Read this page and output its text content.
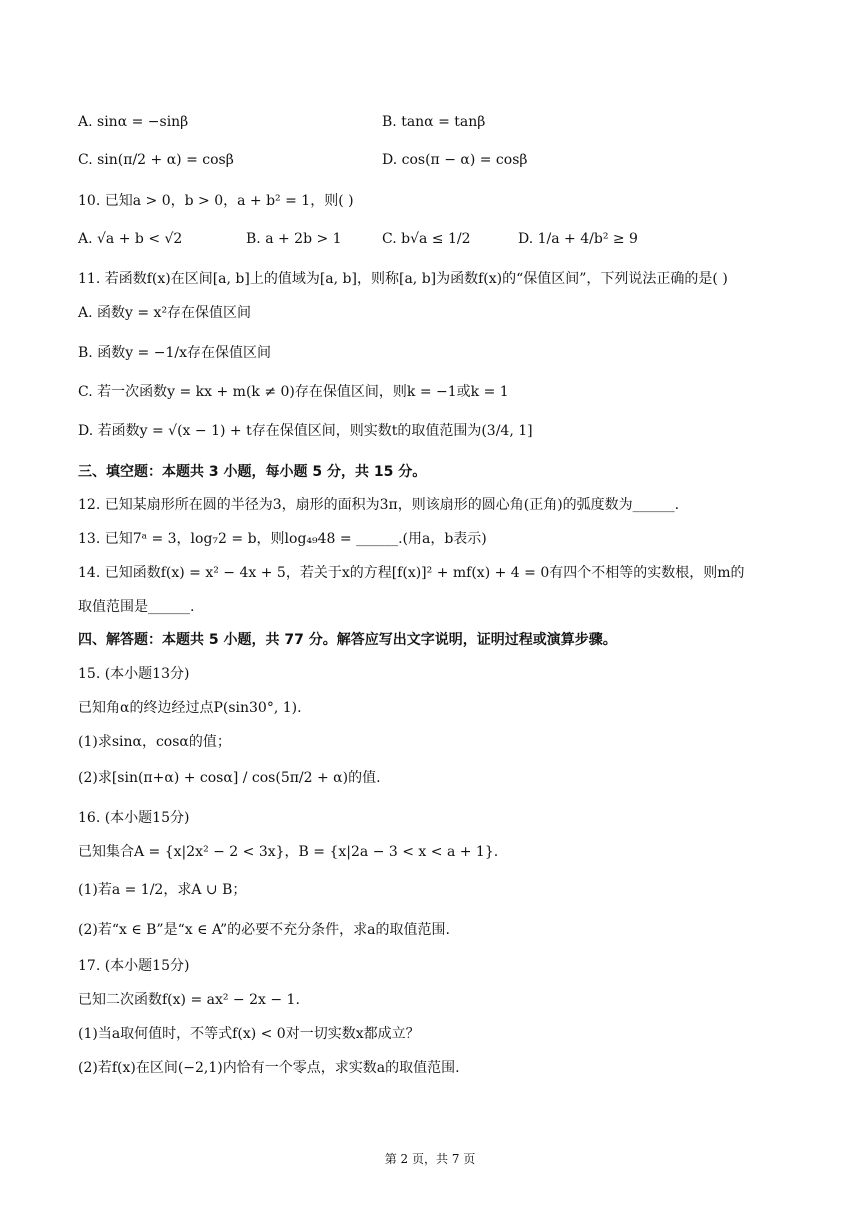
A. sinα = −sinβ	B. tanα = tanβ
C. sin(π/2 + α) = cosβ	D. cos(π − α) = cosβ
10. 已知a > 0，b > 0，a + b² = 1，则( )
A. √a + b < √2	B. a + 2b > 1	C. b√a ≤ 1/2	D. 1/a + 4/b² ≥ 9
11. 若函数f(x)在区间[a, b]上的值域为[a, b]，则称[a, b]为函数f(x)的“保值区间”，下列说法正确的是( )
A. 函数y = x²存在保值区间
B. 函数y = −1/x存在保值区间
C. 若一次函数y = kx + m(k ≠ 0)存在保值区间，则k = −1或k = 1
D. 若函数y = √(x − 1) + t存在保值区间，则实数t的取值范围为(3/4, 1]
三、填空题：本题共 3 小题，每小题 5 分，共 15 分。
12. 已知某扇形所在圆的半径为3，扇形的面积为3π，则该扇形的圆心角(正角)的弧度数为______.
13. 已知7ᵃ = 3，log₇2 = b，则log₄₉48 = ______.(用a，b表示)
14. 已知函数f(x) = x² − 4x + 5，若关于x的方程[f(x)]² + mf(x) + 4 = 0有四个不相等的实数根，则m的
取值范围是______.
四、解答题：本题共 5 小题，共 77 分。解答应写出文字说明，证明过程或演算步骤。
15. (本小题13分)
已知角α的终边经过点P(sin30°, 1).
(1)求sinα，cosα的值；
(2)求[sin(π+α) + cosα] / cos(5π/2 + α)的值.
16. (本小题15分)
已知集合A = {x|2x² − 2 < 3x}，B = {x|2a − 3 < x < a + 1}.
(1)若a = 1/2，求A ∪ B；
(2)若“x ∈ B”是“x ∈ A”的必要不充分条件，求a的取值范围.
17. (本小题15分)
已知二次函数f(x) = ax² − 2x − 1.
(1)当a取何值时，不等式f(x) < 0对一切实数x都成立？
(2)若f(x)在区间(−2,1)内恰有一个零点，求实数a的取值范围.
第 2 页，共 7 页
